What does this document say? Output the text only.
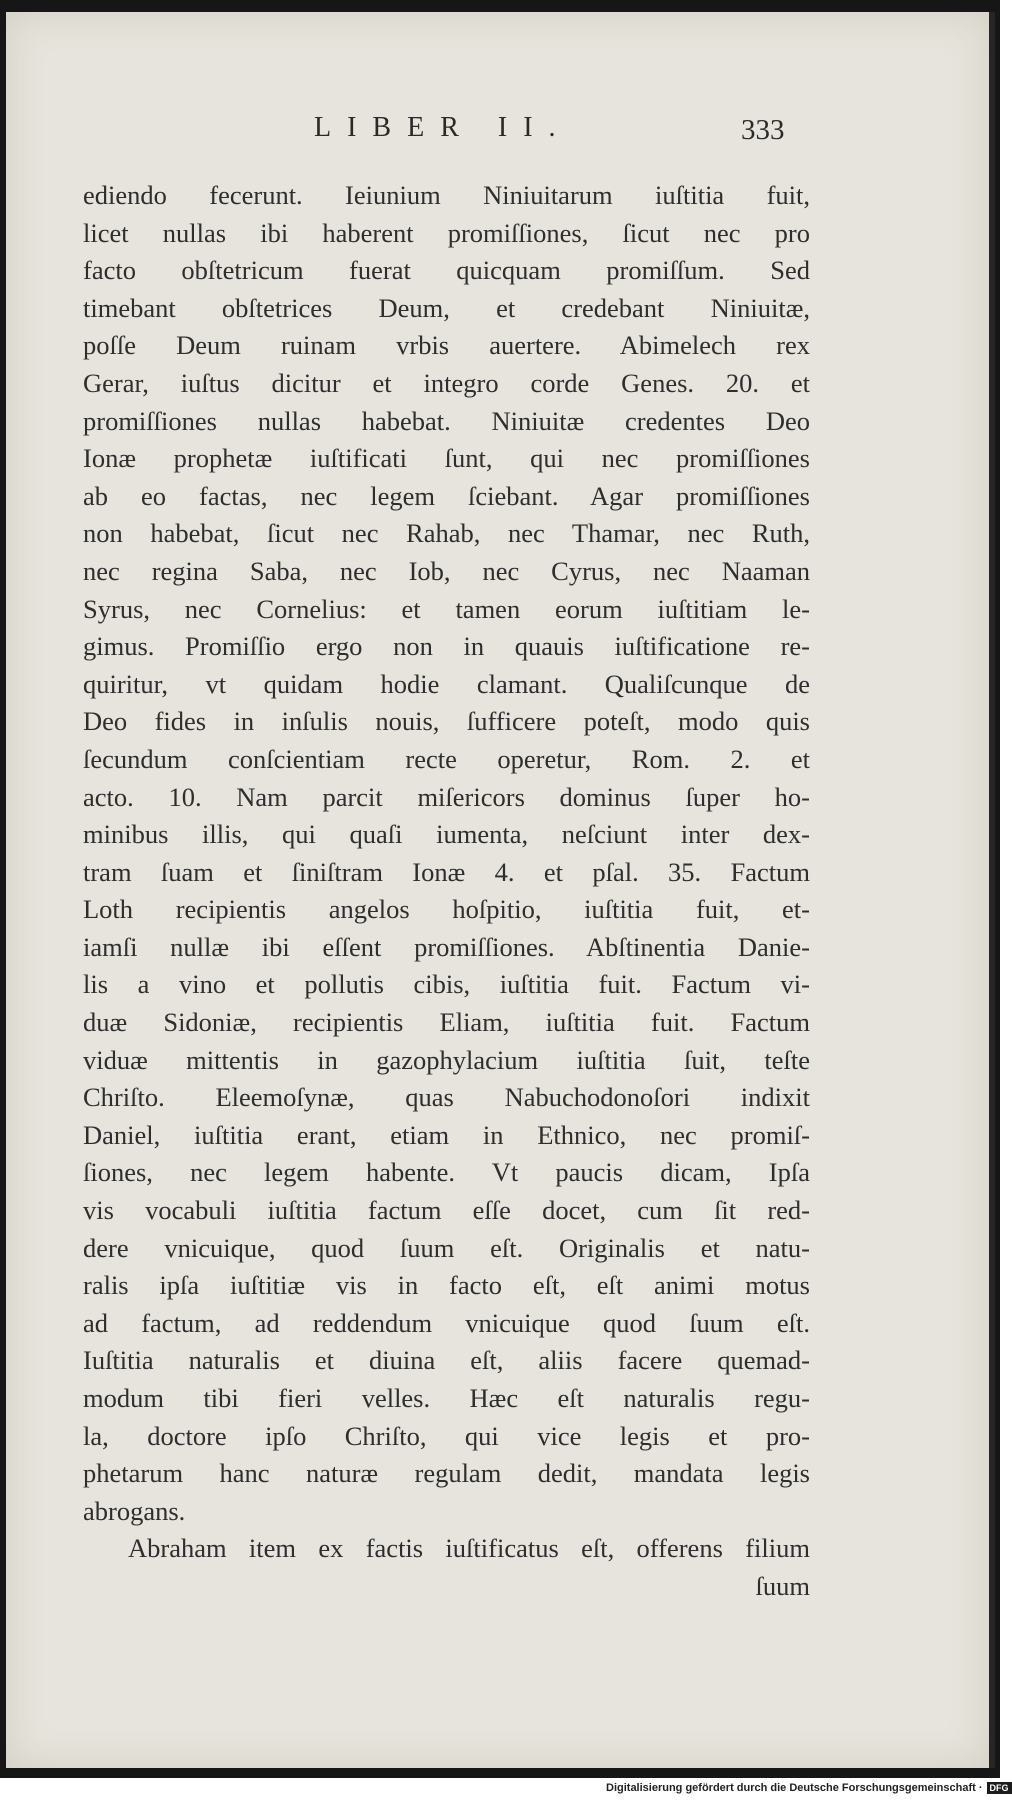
LIBER II.	333
ediendo fecerunt. Ieiunium Niniuitarum iuſtitia fuit,
licet nullas ibi haberent promiſſiones, ſicut nec pro
facto obſtetricum fuerat quicquam promiſſum. Sed
timebant obſtetrices Deum, et credebant Niniuitæ,
poſſe Deum ruinam vrbis auertere. Abimelech rex
Gerar, iuſtus dicitur et integro corde Genes. 20. et
promiſſiones nullas habebat. Niniuitæ credentes Deo
Ionæ prophetæ iuſtificati ſunt, qui nec promiſſiones
ab eo factas, nec legem ſciebant. Agar promiſſiones
non habebat, ſicut nec Rahab, nec Thamar, nec Ruth,
nec regina Saba, nec Iob, nec Cyrus, nec Naaman
Syrus, nec Cornelius: et tamen eorum iuſtitiam le-
gimus. Promiſſio ergo non in quauis iuſtificatione re-
quiritur, vt quidam hodie clamant. Qualiſcunque de
Deo fides in inſulis nouis, ſufficere poteſt, modo quis
ſecundum conſcientiam recte operetur, Rom. 2. et
acto. 10. Nam parcit miſericors dominus ſuper ho-
minibus illis, qui quaſi iumenta, neſciunt inter dex-
tram ſuam et ſiniſtram Ionæ 4. et pſal. 35. Factum
Loth recipientis angelos hoſpitio, iuſtitia fuit, et-
iamſi nullæ ibi eſſent promiſſiones. Abſtinentia Danie-
lis a vino et pollutis cibis, iuſtitia fuit. Factum vi-
duæ Sidoniæ, recipientis Eliam, iuſtitia fuit. Factum
viduæ mittentis in gazophylacium iuſtitia ſuit, teſte
Chriſto. Eleemoſynæ, quas Nabuchodonoſori indixit
Daniel, iuſtitia erant, etiam in Ethnico, nec promiſ-
ſiones, nec legem habente. Vt paucis dicam, Ipſa
vis vocabuli iuſtitia factum eſſe docet, cum ſit red-
dere vnicuique, quod ſuum eſt. Originalis et natu-
ralis ipſa iuſtitiæ vis in facto eſt, eſt animi motus
ad factum, ad reddendum vnicuique quod ſuum eſt.
Iuſtitia naturalis et diuina eſt, aliis facere quemad-
modum tibi fieri velles. Hæc eſt naturalis regu-
la, doctore ipſo Chriſto, qui vice legis et pro-
phetarum hanc naturæ regulam dedit, mandata legis
abrogans.
Abraham item ex factis iuſtificatus eſt, offerens filium
ſuum
Digitalisierung gefördert durch die Deutsche Forschungsgemeinschaft · DFG
